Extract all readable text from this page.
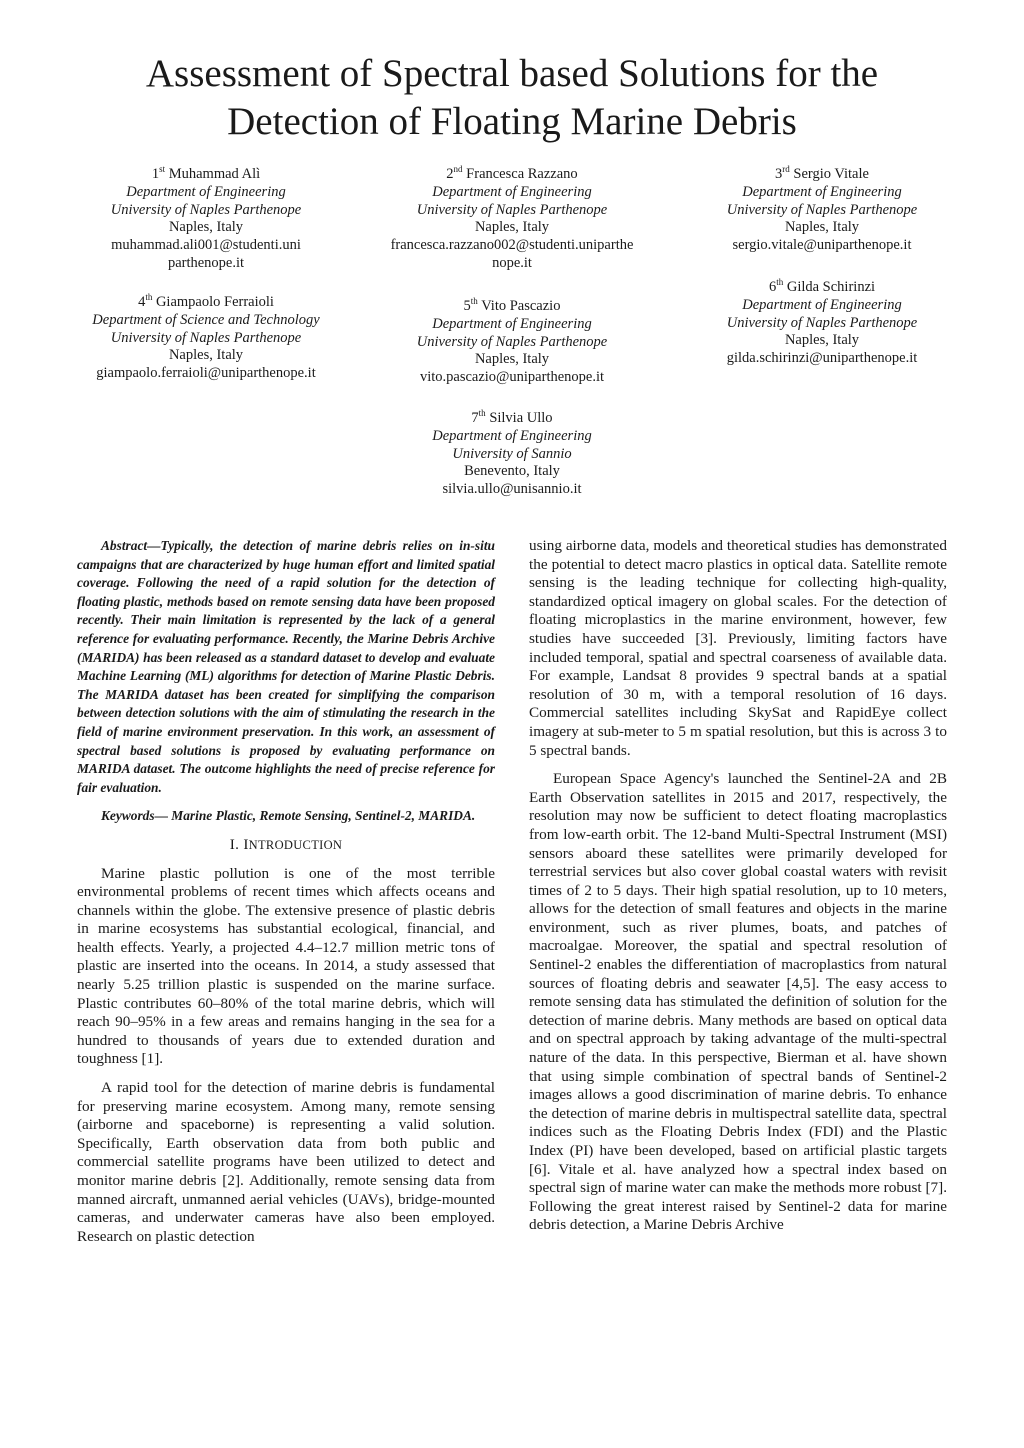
Assessment of Spectral based Solutions for the
Detection of Floating Marine Debris
1st Muhammad Alì
Department of Engineering
University of Naples Parthenope
Naples, Italy
muhammad.ali001@studenti.uniparthenope.it
2nd Francesca Razzano
Department of Engineering
University of Naples Parthenope
Naples, Italy
francesca.razzano002@studenti.uniparthenope.it
3rd Sergio Vitale
Department of Engineering
University of Naples Parthenope
Naples, Italy
sergio.vitale@uniparthenope.it
4th Giampaolo Ferraioli
Department of Science and Technology
University of Naples Parthenope
Naples, Italy
giampaolo.ferraioli@uniparthenope.it
5th Vito Pascazio
Department of Engineering
University of Naples Parthenope
Naples, Italy
vito.pascazio@uniparthenope.it
6th Gilda Schirinzi
Department of Engineering
University of Naples Parthenope
Naples, Italy
gilda.schirinzi@uniparthenope.it
7th Silvia Ullo
Department of Engineering
University of Sannio
Benevento, Italy
silvia.ullo@unisannio.it

Abstract—Typically, the detection of marine debris relies on in-situ campaigns that are characterized by huge human effort and limited spatial coverage. Following the need of a rapid solution for the detection of floating plastic, methods based on remote sensing data have been proposed recently. Their main limitation is represented by the lack of a general reference for evaluating performance. Recently, the Marine Debris Archive (MARIDA) has been released as a standard dataset to develop and evaluate Machine Learning (ML) algorithms for detection of Marine Plastic Debris. The MARIDA dataset has been created for simplifying the comparison between detection solutions with the aim of stimulating the research in the field of marine environment preservation. In this work, an assessment of spectral based solutions is proposed by evaluating performance on MARIDA dataset. The outcome highlights the need of precise reference for fair evaluation.

Keywords— Marine Plastic, Remote Sensing, Sentinel-2, MARIDA.

I. INTRODUCTION

Marine plastic pollution is one of the most terrible environmental problems of recent times which affects oceans and channels within the globe. The extensive presence of plastic debris in marine ecosystems has substantial ecological, financial, and health effects. Yearly, a projected 4.4–12.7 million metric tons of plastic are inserted into the oceans. In 2014, a study assessed that nearly 5.25 trillion plastic is suspended on the marine surface. Plastic contributes 60–80% of the total marine debris, which will reach 90–95% in a few areas and remains hanging in the sea for a hundred to thousands of years due to extended duration and toughness [1].

A rapid tool for the detection of marine debris is fundamental for preserving marine ecosystem. Among many, remote sensing (airborne and spaceborne) is representing a valid solution. Specifically, Earth observation data from both public and commercial satellite programs have been utilized to detect and monitor marine debris [2]. Additionally, remote sensing data from manned aircraft, unmanned aerial vehicles (UAVs), bridge-mounted cameras, and underwater cameras have also been employed. Research on plastic detection

using airborne data, models and theoretical studies has demonstrated the potential to detect macro plastics in optical data. Satellite remote sensing is the leading technique for collecting high-quality, standardized optical imagery on global scales. For the detection of floating microplastics in the marine environment, however, few studies have succeeded [3]. Previously, limiting factors have included temporal, spatial and spectral coarseness of available data. For example, Landsat 8 provides 9 spectral bands at a spatial resolution of 30 m, with a temporal resolution of 16 days. Commercial satellites including SkySat and RapidEye collect imagery at sub-meter to 5 m spatial resolution, but this is across 3 to 5 spectral bands.

European Space Agency's launched the Sentinel-2A and 2B Earth Observation satellites in 2015 and 2017, respectively, the resolution may now be sufficient to detect floating macroplastics from low-earth orbit. The 12-band Multi-Spectral Instrument (MSI) sensors aboard these satellites were primarily developed for terrestrial services but also cover global coastal waters with revisit times of 2 to 5 days. Their high spatial resolution, up to 10 meters, allows for the detection of small features and objects in the marine environment, such as river plumes, boats, and patches of macroalgae. Moreover, the spatial and spectral resolution of Sentinel-2 enables the differentiation of macroplastics from natural sources of floating debris and seawater [4,5]. The easy access to remote sensing data has stimulated the definition of solution for the detection of marine debris. Many methods are based on optical data and on spectral approach by taking advantage of the multi-spectral nature of the data. In this perspective, Bierman et al. have shown that using simple combination of spectral bands of Sentinel-2 images allows a good discrimination of marine debris. To enhance the detection of marine debris in multispectral satellite data, spectral indices such as the Floating Debris Index (FDI) and the Plastic Index (PI) have been developed, based on artificial plastic targets [6]. Vitale et al. have analyzed how a spectral index based on spectral sign of marine water can make the methods more robust [7]. Following the great interest raised by Sentinel-2 data for marine debris detection, a Marine Debris Archive
